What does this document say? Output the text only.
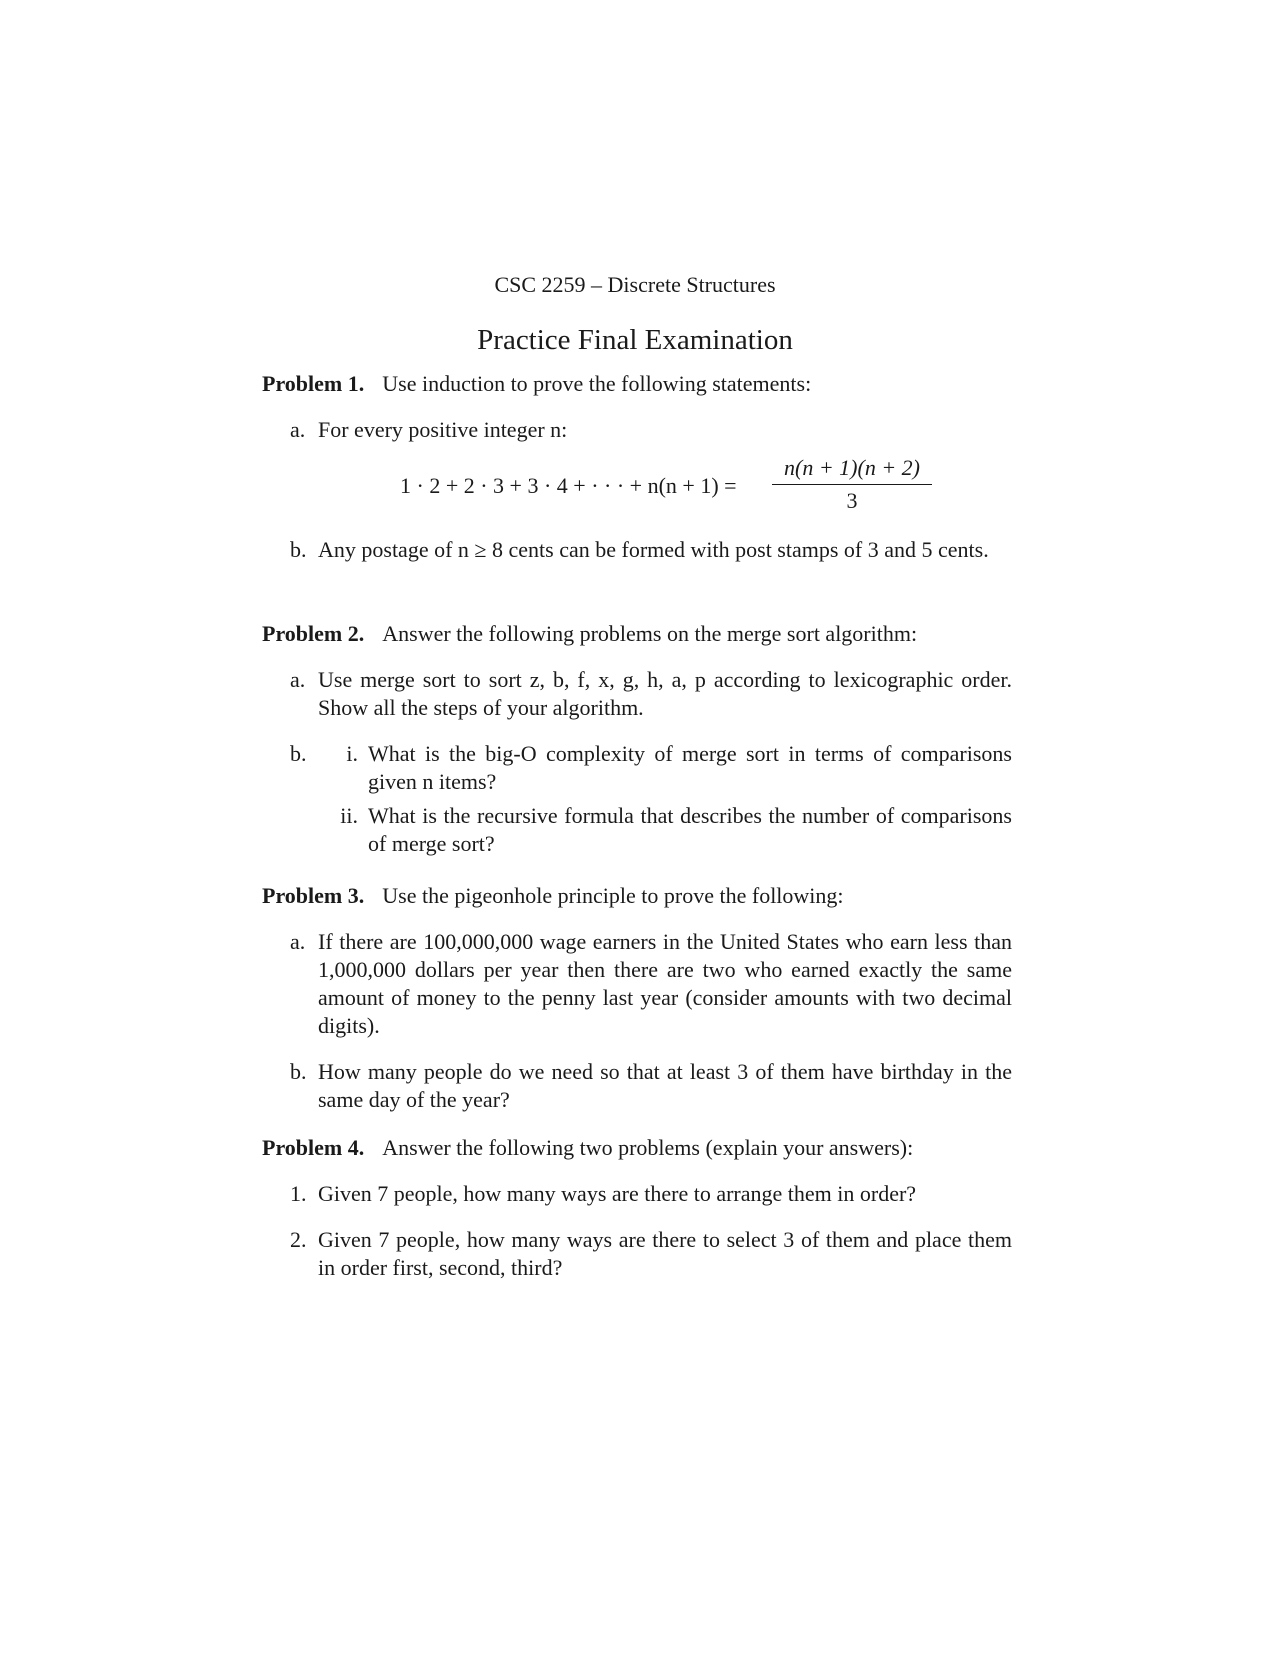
CSC 2259 – Discrete Structures
Practice Final Examination

Problem 1. Use induction to prove the following statements:

a. For every positive integer n:
1 · 2 + 2 · 3 + 3 · 4 + · · · + $n(n + 1) = \frac{n(n + 1)(n + 2)}{3}$
b. Any postage of n ≥ 8 cents can be formed with post stamps of 3 and 5 cents.

Problem 2. Answer the following problems on the merge sort algorithm:

a. Use merge sort to sort z, b, f, x, g, h, a, p according to lexicographic order. Show all the steps of your algorithm.
b.	i. What is the big-O complexity of merge sort in terms of comparisons given n items?
ii. What is the recursive formula that describes the number of comparisons of merge sort?

Problem 3. Use the pigeonhole principle to prove the following:

a. If there are 100,000,000 wage earners in the United States who earn less than 1,000,000 dollars per year then there are two who earned exactly the same amount of money to the penny last year (consider amounts with two decimal digits).
b. How many people do we need so that at least 3 of them have birthday in the same day of the year?

Problem 4. Answer the following two problems (explain your answers):

1. Given 7 people, how many ways are there to arrange them in order?
2. Given 7 people, how many ways are there to select 3 of them and place them in order first, second, third?
